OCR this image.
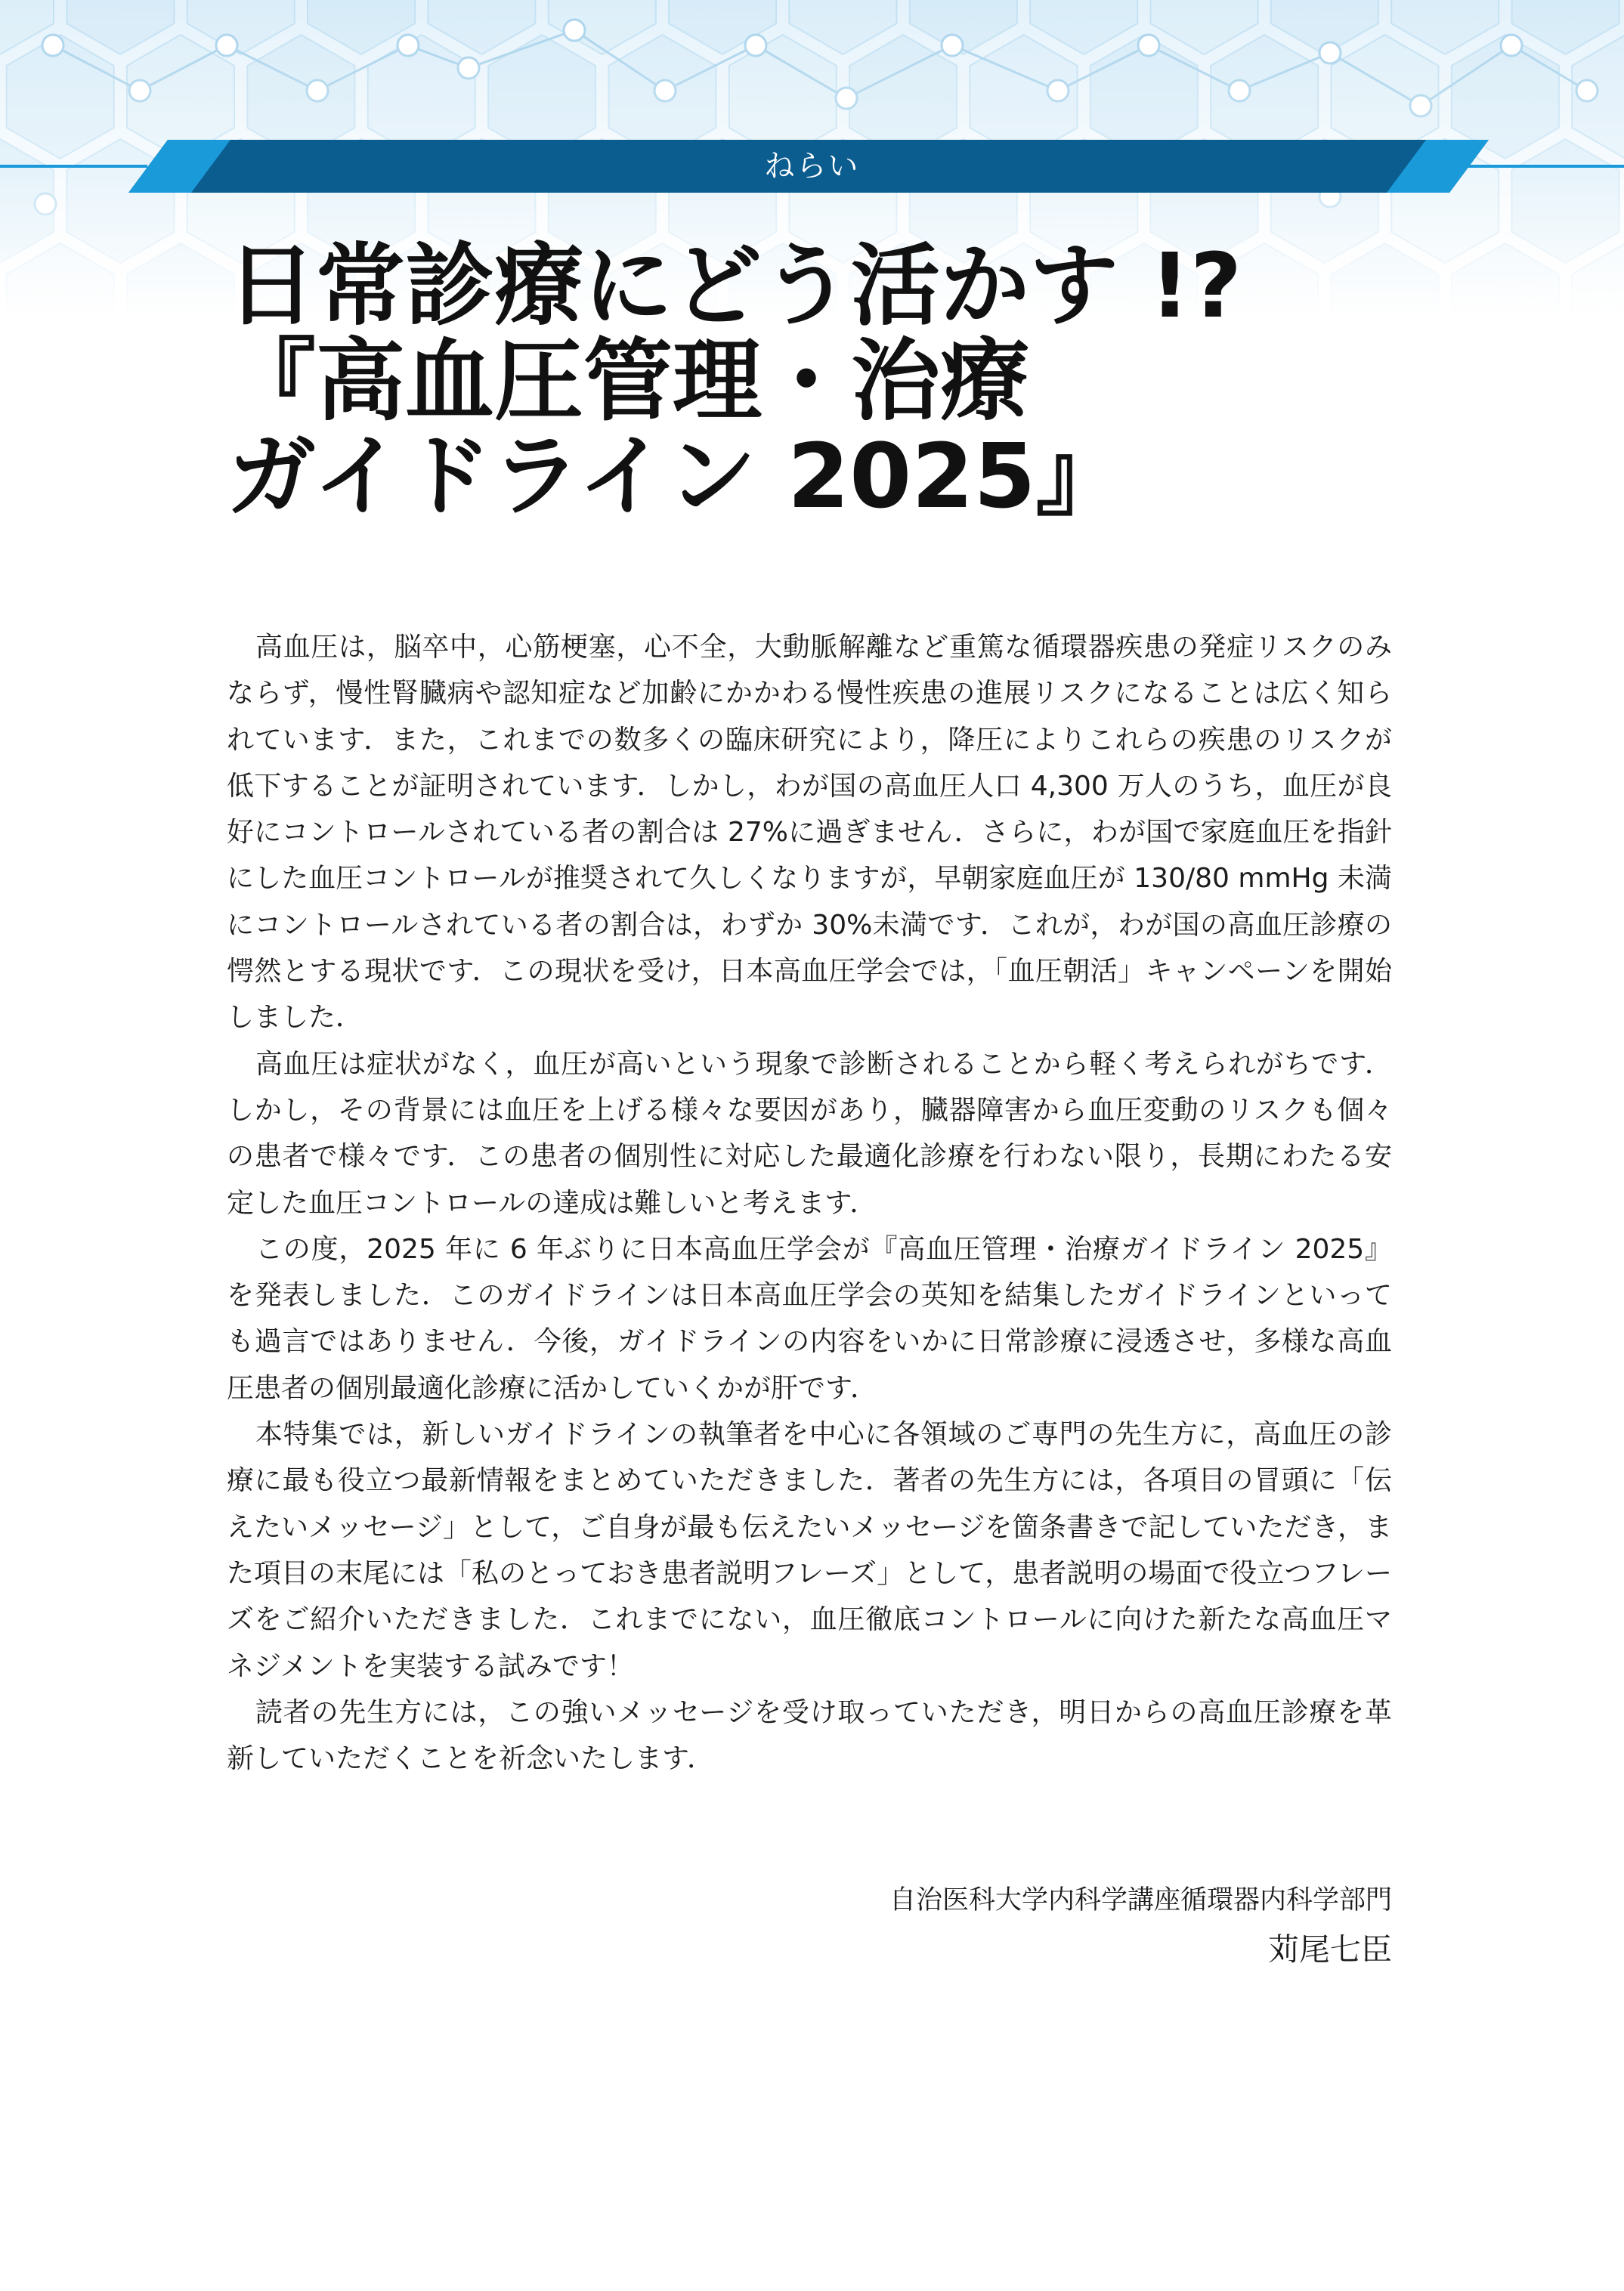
ねらい
日常診療にどう活かす !?
『高血圧管理・治療
ガイドライン 2025』

高血圧は，脳卒中，心筋梗塞，心不全，大動脈解離など重篤な循環器疾患の発症リスクのみならず，慢性腎臓病や認知症など加齢にかかわる慢性疾患の進展リスクになることは広く知られています．また，これまでの数多くの臨床研究により，降圧によりこれらの疾患のリスクが低下することが証明されています．しかし，わが国の高血圧人口 4,300 万人のうち，血圧が良好にコントロールされている者の割合は 27%に過ぎません．さらに，わが国で家庭血圧を指針にした血圧コントロールが推奨されて久しくなりますが，早朝家庭血圧が 130/80 mmHg 未満にコントロールされている者の割合は，わずか 30%未満です．これが，わが国の高血圧診療の愕然とする現状です．この現状を受け，日本高血圧学会では，「血圧朝活」キャンペーンを開始しました．

高血圧は症状がなく，血圧が高いという現象で診断されることから軽く考えられがちです．しかし，その背景には血圧を上げる様々な要因があり，臓器障害から血圧変動のリスクも個々の患者で様々です．この患者の個別性に対応した最適化診療を行わない限り，長期にわたる安定した血圧コントロールの達成は難しいと考えます．

この度，2025 年に 6 年ぶりに日本高血圧学会が『高血圧管理・治療ガイドライン 2025』を発表しました．このガイドラインは日本高血圧学会の英知を結集したガイドラインといっても過言ではありません．今後，ガイドラインの内容をいかに日常診療に浸透させ，多様な高血圧患者の個別最適化診療に活かしていくかが肝です．

本特集では，新しいガイドラインの執筆者を中心に各領域のご専門の先生方に，高血圧の診療に最も役立つ最新情報をまとめていただきました．著者の先生方には，各項目の冒頭に「伝えたいメッセージ」として，ご自身が最も伝えたいメッセージを箇条書きで記していただき，また項目の末尾には「私のとっておき患者説明フレーズ」として，患者説明の場面で役立つフレーズをご紹介いただきました．これまでにない，血圧徹底コントロールに向けた新たな高血圧マネジメントを実装する試みです！

読者の先生方には，この強いメッセージを受け取っていただき，明日からの高血圧診療を革新していただくことを祈念いたします．

自治医科大学内科学講座循環器内科学部門
苅尾七臣
